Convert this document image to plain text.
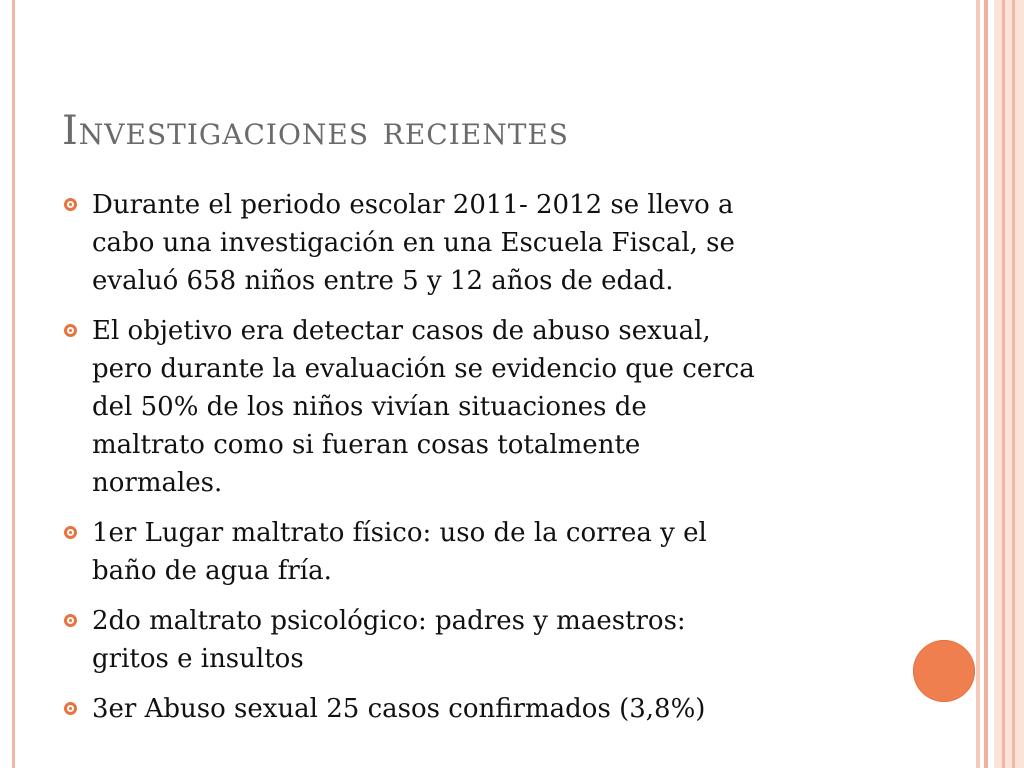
Investigaciones recientes
Durante el periodo escolar 2011- 2012 se llevo a
cabo una investigación en una Escuela Fiscal, se
evaluó 658 niños entre 5 y 12 años de edad.
El objetivo era detectar casos de abuso sexual,
pero durante la evaluación se evidencio que cerca
del 50% de los niños vivían situaciones de
maltrato como si fueran cosas totalmente
normales.
1er Lugar maltrato físico: uso de la correa y el
baño de agua fría.
2do maltrato psicológico: padres y maestros:
gritos e insultos
3er Abuso sexual 25 casos confirmados (3,8%)
